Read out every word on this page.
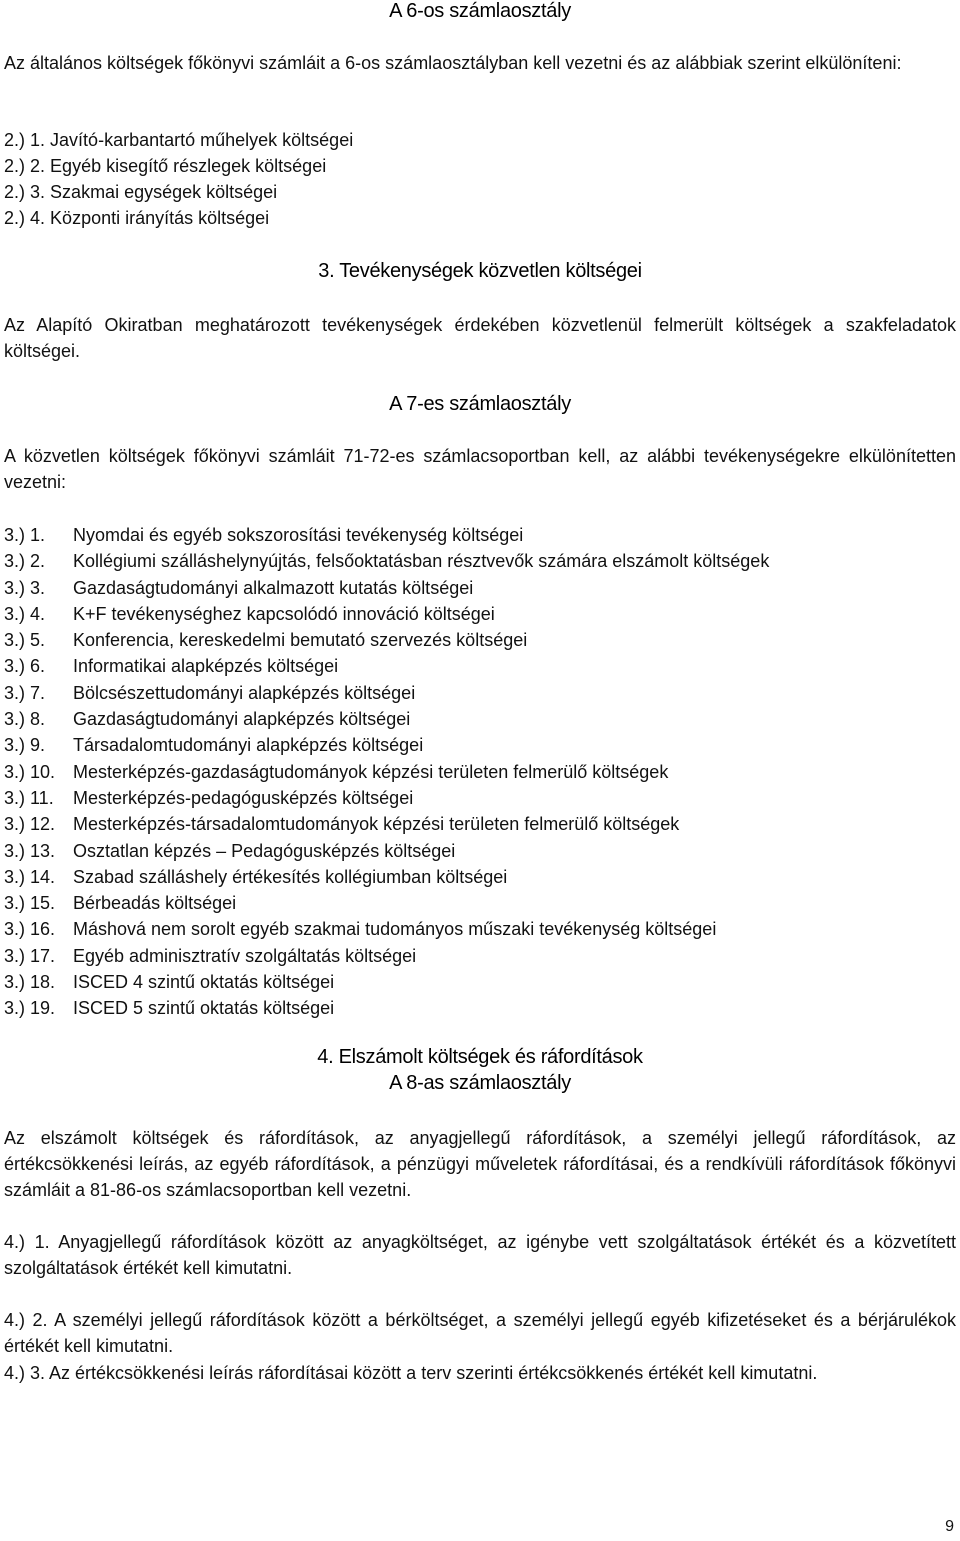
A 6-os számlaosztály
Az általános költségek főkönyvi számláit a 6-os számlaosztályban kell vezetni és az alábbiak szerint elkülöníteni:
2.) 1. Javító-karbantartó műhelyek költségei
2.) 2. Egyéb kisegítő részlegek költségei
2.) 3. Szakmai egységek költségei
2.) 4. Központi irányítás költségei
3. Tevékenységek közvetlen költségei
Az Alapító Okiratban meghatározott tevékenységek érdekében közvetlenül felmerült költségek a szakfeladatok költségei.
A 7-es számlaosztály
A közvetlen költségek főkönyvi számláit 71-72-es számlacsoportban kell, az alábbi tevékenységekre elkülönítetten vezetni:
3.) 1. Nyomdai és egyéb sokszorosítási tevékenység költségei
3.) 2. Kollégiumi szálláshelynyújtás, felsőoktatásban résztvevők számára elszámolt költségek
3.) 3. Gazdaságtudományi alkalmazott kutatás költségei
3.) 4. K+F tevékenységhez kapcsolódó innováció költségei
3.) 5. Konferencia, kereskedelmi bemutató szervezés költségei
3.) 6. Informatikai alapképzés költségei
3.) 7. Bölcsészettudományi alapképzés költségei
3.) 8. Gazdaságtudományi alapképzés költségei
3.) 9. Társadalomtudományi alapképzés költségei
3.) 10. Mesterképzés-gazdaságtudományok képzési területen felmerülő költségek
3.) 11. Mesterképzés-pedagógusképzés költségei
3.) 12. Mesterképzés-társadalomtudományok képzési területen felmerülő költségek
3.) 13. Osztatlan képzés – Pedagógusképzés költségei
3.) 14. Szabad szálláshely értékesítés kollégiumban költségei
3.) 15. Bérbeadás költségei
3.) 16. Máshová nem sorolt egyéb szakmai tudományos műszaki tevékenység költségei
3.) 17. Egyéb adminisztratív szolgáltatás költségei
3.) 18. ISCED 4 szintű oktatás költségei
3.) 19. ISCED 5 szintű oktatás költségei
4. Elszámolt költségek és ráfordítások
A 8-as számlaosztály
Az elszámolt költségek és ráfordítások, az anyagjellegű ráfordítások, a személyi jellegű ráfordítások, az értékcsökkenési leírás, az egyéb ráfordítások, a pénzügyi műveletek ráfordításai, és a rendkívüli ráfordítások főkönyvi számláit a 81-86-os számlacsoportban kell vezetni.
4.) 1. Anyagjellegű ráfordítások között az anyagköltséget, az igénybe vett szolgáltatások értékét és a közvetített szolgáltatások értékét kell kimutatni.
4.) 2. A személyi jellegű ráfordítások között a bérköltséget, a személyi jellegű egyéb kifizetéseket és a bérjárulékok értékét kell kimutatni.
4.) 3. Az értékcsökkenési leírás ráfordításai között a terv szerinti értékcsökkenés értékét kell kimutatni.
9
